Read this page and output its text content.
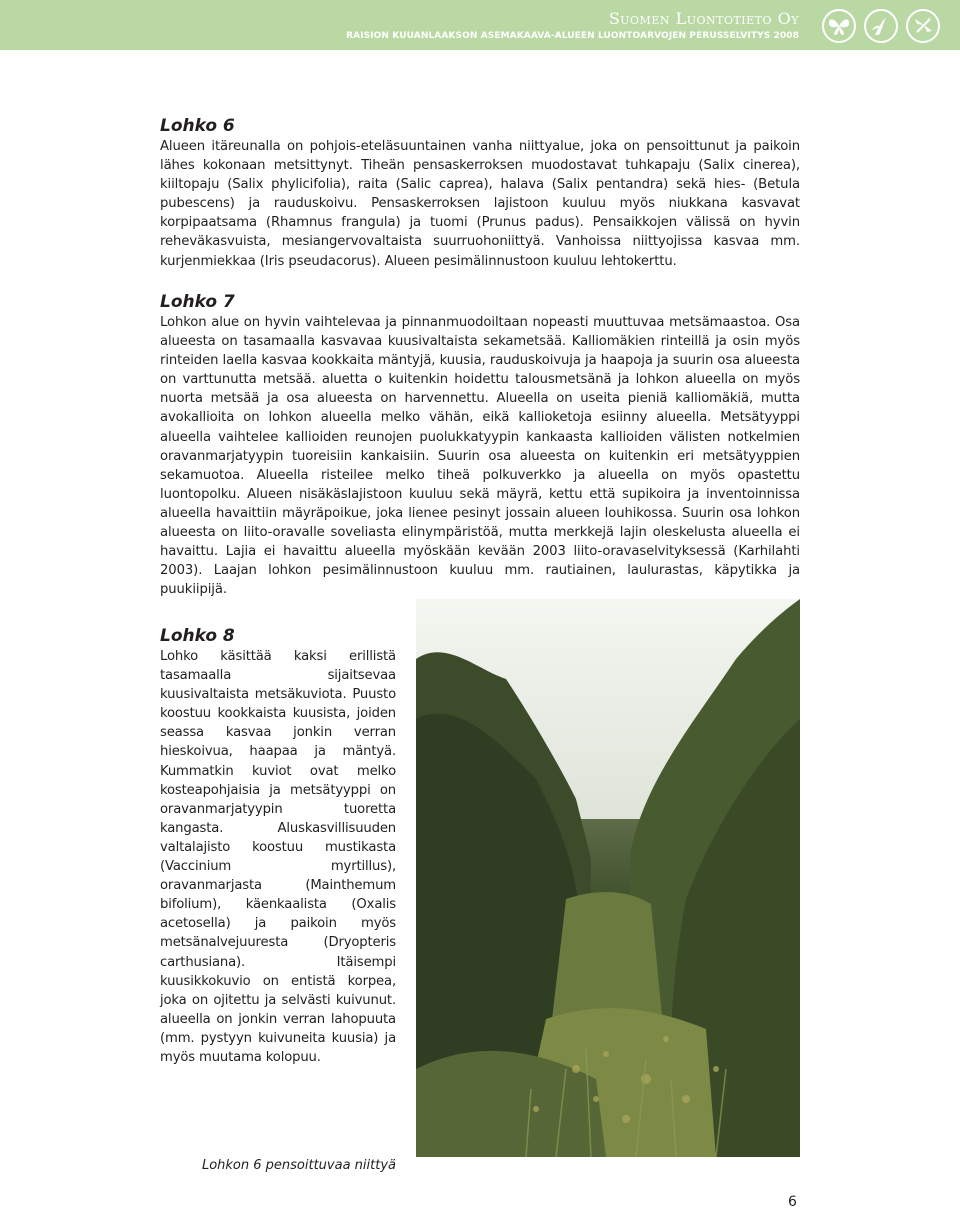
Suomen Luontotieto Oy
RAISION KUUANLAAKSON ASEMAKAAVA-ALUEEN LUONTOARVOJEN PERUSSELVITYS 2008
Lohko 6

Alueen itäreunalla on pohjois-eteläsuuntainen vanha niittyalue, joka on pensoittunut ja paikoin lähes kokonaan metsittynyt. Tiheän pensaskerroksen muodostavat tuhkapaju (Salix cinerea), kiiltopaju (Salix phylicifolia), raita (Salic caprea), halava (Salix pentandra) sekä hies- (Betula pubescens) ja rauduskoivu. Pensaskerroksen lajistoon kuuluu myös niukkana kasvavat korpipaatsama (Rhamnus frangula) ja tuomi (Prunus padus). Pensaikkojen välissä on hyvin reheväkasvuista, mesiangervovaltaista suurruohoniittyä. Vanhoissa niittyojissa kasvaa mm. kurjenmiekkaa (Iris pseudacorus). Alueen pesimälinnustoon kuuluu lehtokerttu.

Lohko 7

Lohkon alue on hyvin vaihtelevaa ja pinnanmuodoiltaan nopeasti muuttuvaa metsämaastoa. Osa alueesta on tasamaalla kasvavaa kuusivaltaista sekametsää. Kalliomäkien rinteillä ja osin myös rinteiden laella kasvaa kookkaita mäntyjä, kuusia, rauduskoivuja ja haapoja ja suurin osa alueesta on varttunutta metsää. aluetta o kuitenkin hoidettu talousmetsänä ja lohkon alueella on myös nuorta metsää ja osa alueesta on harvennettu. Alueella on useita pieniä kalliomäkiä, mutta avokallioita on lohkon alueella melko vähän, eikä kallioketoja esiinny alueella. Metsätyyppi alueella vaihtelee kallioiden reunojen puolukkatyypin kankaasta kallioiden välisten notkelmien oravanmarjatyypin tuoreisiin kankaisiin. Suurin osa alueesta on kuitenkin eri metsätyyppien sekamuotoa. Alueella risteilee melko tiheä polkuverkko ja alueella on myös opastettu luontopolku. Alueen nisäkäslajistoon kuuluu sekä mäyrä, kettu että supikoira ja inventoinnissa alueella havaittiin mäyräpoikue, joka lienee pesinyt jossain alueen louhikossa. Suurin osa lohkon alueesta on liito-oravalle soveliasta elinympäristöä, mutta merkkejä lajin oleskelusta alueella ei havaittu. Lajia ei havaittu alueella myöskään kevään 2003 liito-oravaselvityksessä (Karhilahti 2003). Laajan lohkon pesimälinnustoon kuuluu mm. rautiainen, laulurastas, käpytikka ja puukiipijä.

Lohko 8

Lohko käsittää kaksi erillistä tasamaalla sijaitsevaa kuusivaltaista metsäkuviota. Puusto koostuu kookkaista kuusista, joiden seassa kasvaa jonkin verran hieskoivua, haapaa ja mäntyä. Kummatkin kuviot ovat melko kosteapohjaisia ja metsätyyppi on oravanmarjatyypin tuoretta kangasta. Aluskasvillisuuden valtalajisto koostuu mustikasta (Vaccinium myrtillus), oravanmarjasta (Mainthemum bifolium), käenkaalista (Oxalis acetosella) ja paikoin myös metsänalvejuurestа (Dryopteris carthusiana). Itäisempi kuusikkokuvio on entistä korpea, joka on ojitettu ja selvästi kuivunut. alueella on jonkin verran lahopuuta (mm. pystyyn kuivuneita kuusia) ja myös muutama kolopuu.

Lohkon 6 pensoittuvaa niittyä
6
